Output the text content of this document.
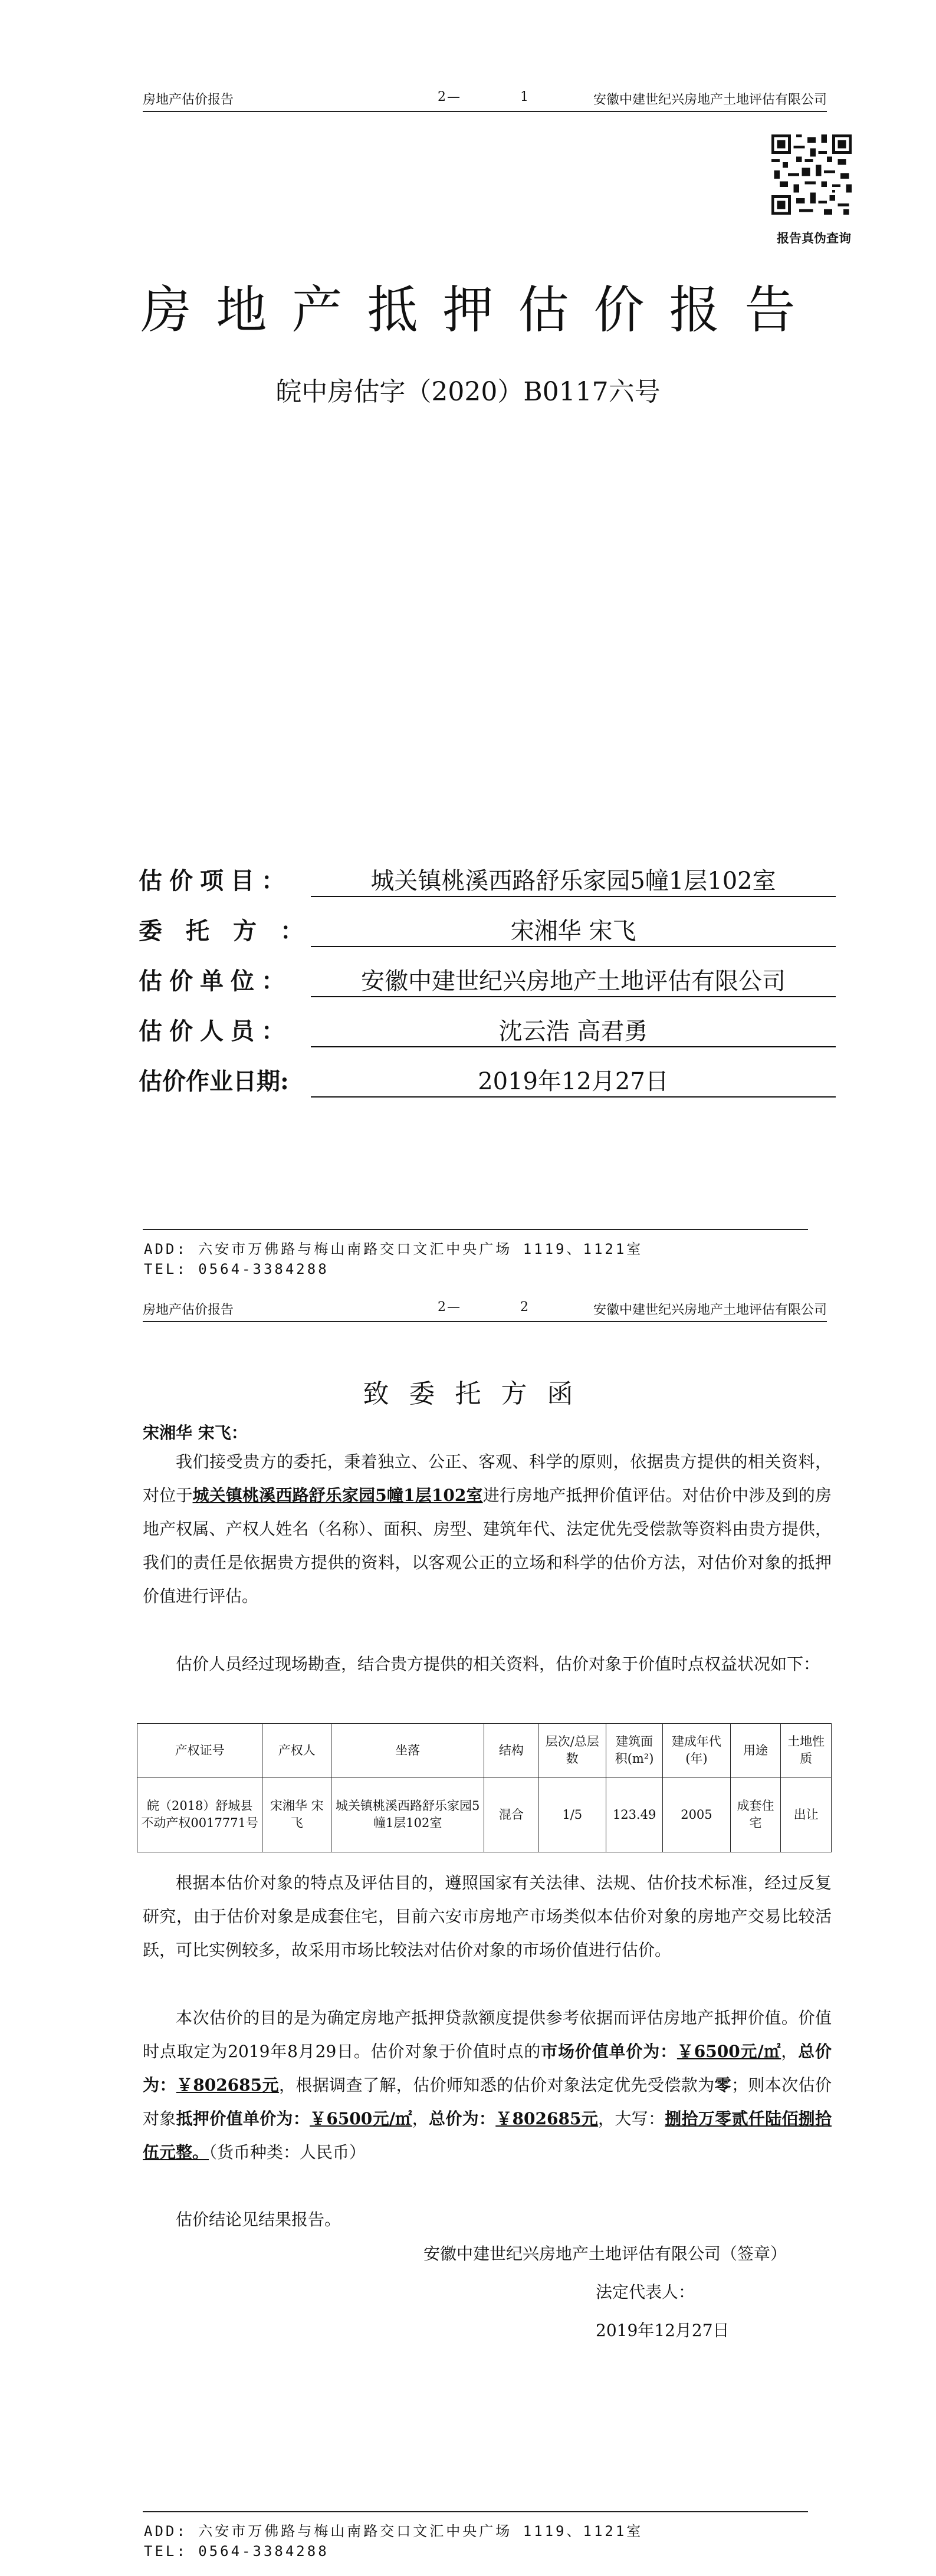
房地产估价报告	2—	1	安徽中建世纪兴房地产土地评估有限公司
报告真伪查询
房地产抵押估价报告
皖中房估字（2020）B0117六号
估价项目：	城关镇桃溪西路舒乐家园5幢1层102室
委托方：	宋湘华 宋飞
估价单位：	安徽中建世纪兴房地产土地评估有限公司
估价人员：	沈云浩 高君勇
估价作业日期:	2019年12月27日
ADD: 六安市万佛路与梅山南路交口文汇中央广场 1119、1121室
TEL: 0564-3384288
房地产估价报告	2—	2	安徽中建世纪兴房地产土地评估有限公司
致委托方函
宋湘华 宋飞：
我们接受贵方的委托，秉着独立、公正、客观、科学的原则，依据贵方提供的相关资料，对位于城关镇桃溪西路舒乐家园5幢1层102室进行房地产抵押价值评估。对估价中涉及到的房地产权属、产权人姓名（名称）、面积、房型、建筑年代、法定优先受偿款等资料由贵方提供，我们的责任是依据贵方提供的资料，以客观公正的立场和科学的估价方法，对估价对象的抵押价值进行评估。
估价人员经过现场勘查，结合贵方提供的相关资料，估价对象于价值时点权益状况如下：
产权证号	产权人	坐落	结构	层次/总层数	建筑面积(m²)	建成年代(年)	用途	土地性质
皖（2018）舒城县不动产权0017771号	宋湘华 宋飞	城关镇桃溪西路舒乐家园5幢1层102室	混合	1/5	123.49	2005	成套住宅	出让
根据本估价对象的特点及评估目的，遵照国家有关法律、法规、估价技术标准，经过反复研究，由于估价对象是成套住宅，目前六安市房地产市场类似本估价对象的房地产交易比较活跃，可比实例较多，故采用市场比较法对估价对象的市场价值进行估价。
本次估价的目的是为确定房地产抵押贷款额度提供参考依据而评估房地产抵押价值。价值时点取定为2019年8月29日。估价对象于价值时点的市场价值单价为：￥6500元/㎡，总价为：￥802685元，根据调查了解，估价师知悉的估价对象法定优先受偿款为零；则本次估价对象抵押价值单价为：￥6500元/㎡，总价为：￥802685元，大写：捌拾万零贰仟陆佰捌拾伍元整。（货币种类：人民币）
估价结论见结果报告。
安徽中建世纪兴房地产土地评估有限公司（签章）
法定代表人：
2019年12月27日
ADD: 六安市万佛路与梅山南路交口文汇中央广场 1119、1121室
TEL: 0564-3384288
